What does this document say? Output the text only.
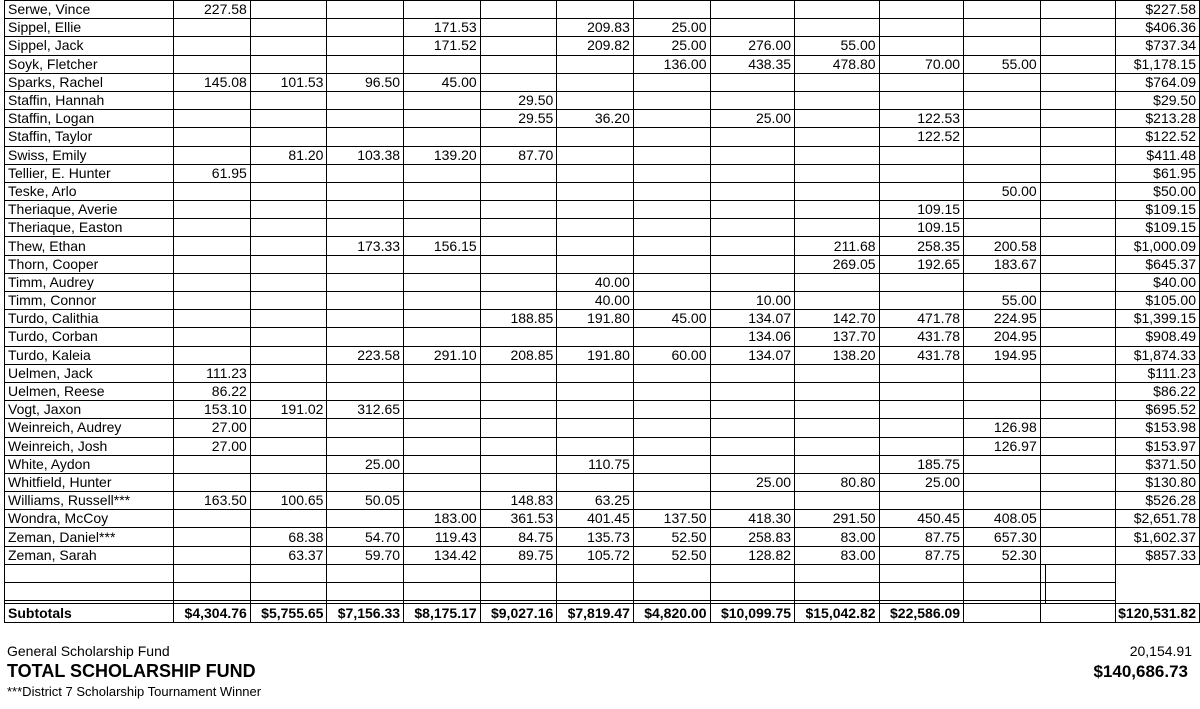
Serwe, Vince	227.58													$227.58
Sippel, Ellie				171.53		209.83	25.00							$406.36
Sippel, Jack				171.52		209.82	25.00	276.00	55.00					$737.34
Soyk, Fletcher							136.00	438.35	478.80	70.00	55.00			$1,178.15
Sparks, Rachel	145.08	101.53	96.50	45.00										$764.09
Staffin, Hannah					29.50									$29.50
Staffin, Logan					29.55	36.20		25.00		122.53				$213.28
Staffin, Taylor										122.52				$122.52
Swiss, Emily		81.20	103.38	139.20	87.70									$411.48
Tellier, E. Hunter	61.95													$61.95
Teske, Arlo											50.00			$50.00
Theriaque, Averie										109.15				$109.15
Theriaque, Easton										109.15				$109.15
Thew, Ethan			173.33	156.15					211.68	258.35	200.58			$1,000.09
Thorn, Cooper									269.05	192.65	183.67			$645.37
Timm, Audrey						40.00								$40.00
Timm, Connor						40.00		10.00			55.00			$105.00
Turdo, Calithia					188.85	191.80	45.00	134.07	142.70	471.78	224.95			$1,399.15
Turdo, Corban								134.06	137.70	431.78	204.95			$908.49
Turdo, Kaleia			223.58	291.10	208.85	191.80	60.00	134.07	138.20	431.78	194.95			$1,874.33
Uelmen, Jack	111.23													$111.23
Uelmen, Reese	86.22													$86.22
Vogt, Jaxon	153.10	191.02	312.65											$695.52
Weinreich, Audrey	27.00										126.98			$153.98
Weinreich, Josh	27.00										126.97			$153.97
White, Aydon			25.00			110.75				185.75				$371.50
Whitfield, Hunter								25.00	80.80	25.00				$130.80
Williams, Russell***	163.50	100.65	50.05		148.83	63.25								$526.28
Wondra, McCoy				183.00	361.53	401.45	137.50	418.30	291.50	450.45	408.05			$2,651.78
Zeman, Daniel***		68.38	54.70	119.43	84.75	135.73	52.50	258.83	83.00	87.75	657.30			$1,602.37
Zeman, Sarah		63.37	59.70	134.42	89.75	105.72	52.50	128.82	83.00	87.75	52.30			$857.33

Subtotals	$4,304.76	$5,755.65	$7,156.33	$8,175.17	$9,027.16	$7,819.47	$4,820.00	$10,099.75	$15,042.82	$22,586.09				$120,531.82
General Scholarship Fund	20,154.91
TOTAL SCHOLARSHIP FUND	$140,686.73
***District 7 Scholarship Tournament Winner
